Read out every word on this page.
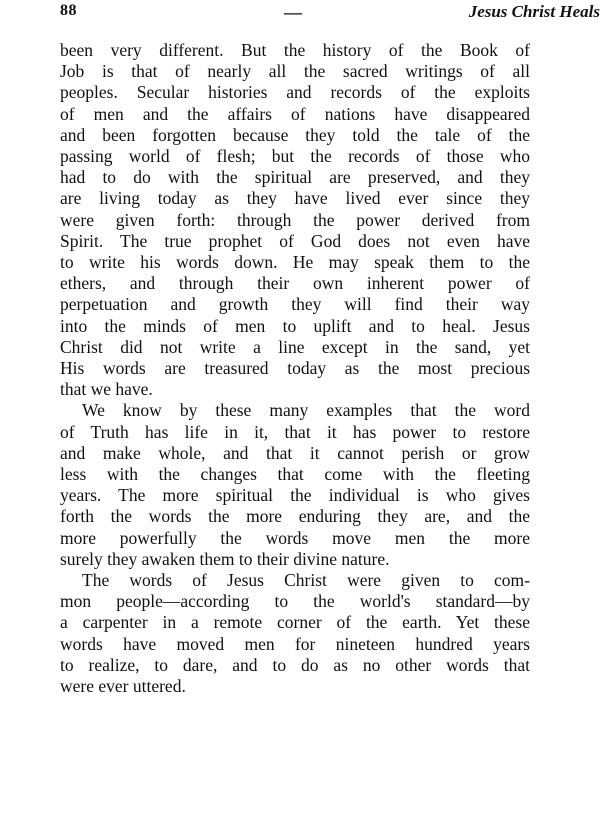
88	—	Jesus Christ Heals
been very different. But the history of the Book of
Job is that of nearly all the sacred writings of all
peoples. Secular histories and records of the exploits
of men and the affairs of nations have disappeared
and been forgotten because they told the tale of the
passing world of flesh; but the records of those who
had to do with the spiritual are preserved, and they
are living today as they have lived ever since they
were given forth: through the power derived from
Spirit. The true prophet of God does not even have
to write his words down. He may speak them to the
ethers, and through their own inherent power of
perpetuation and growth they will find their way
into the minds of men to uplift and to heal. Jesus
Christ did not write a line except in the sand, yet
His words are treasured today as the most precious
that we have.
We know by these many examples that the word
of Truth has life in it, that it has power to restore
and make whole, and that it cannot perish or grow
less with the changes that come with the fleeting
years. The more spiritual the individual is who gives
forth the words the more enduring they are, and the
more powerfully the words move men the more
surely they awaken them to their divine nature.
The words of Jesus Christ were given to com-
mon people—according to the world's standard—by
a carpenter in a remote corner of the earth. Yet these
words have moved men for nineteen hundred years
to realize, to dare, and to do as no other words that
were ever uttered.
